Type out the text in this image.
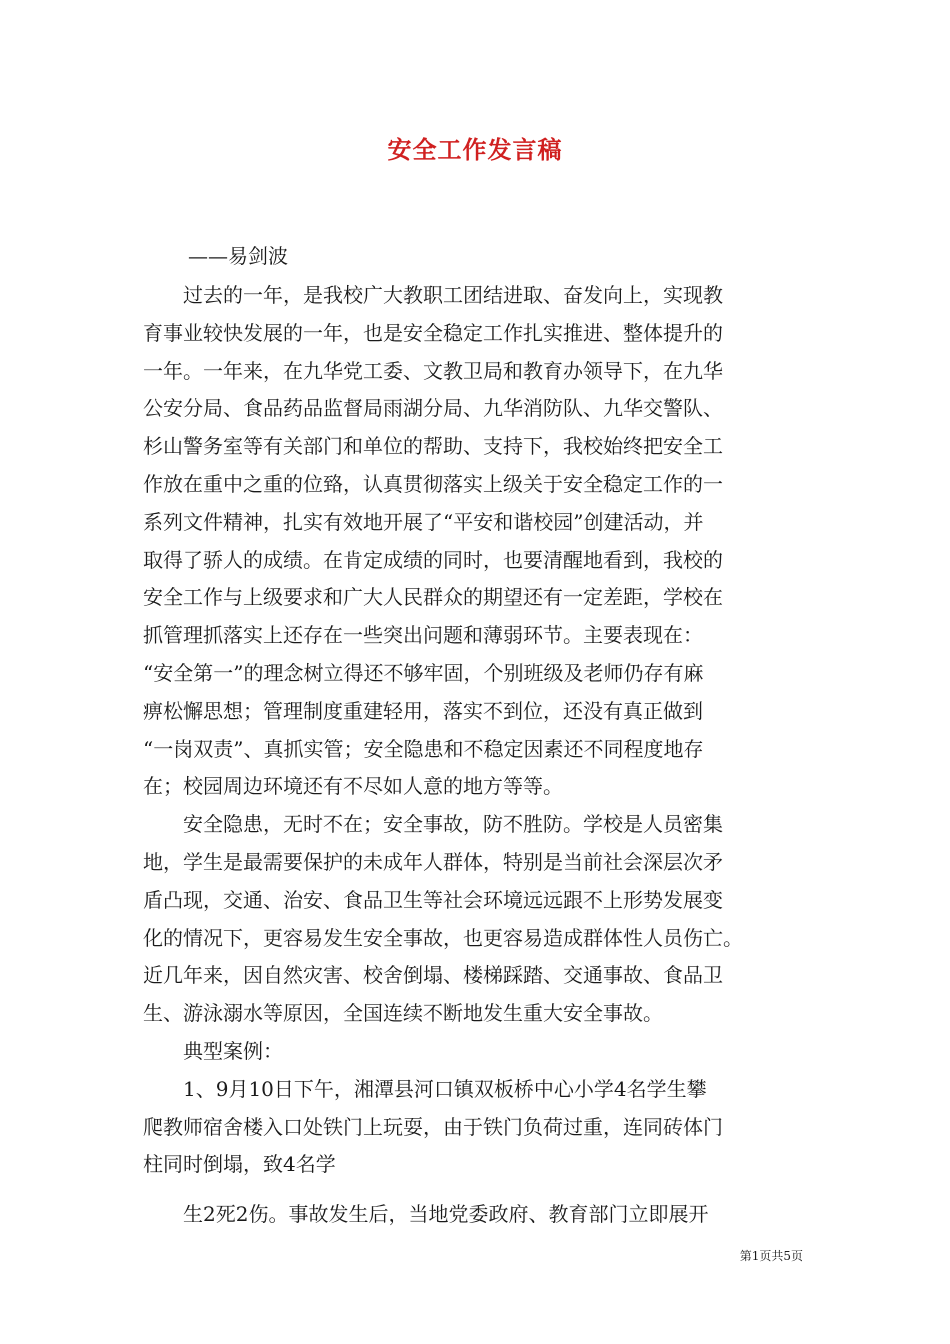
安全工作发言稿
——易剑波
过去的一年，是我校广大教职工团结进取、奋发向上，实现教
育事业较快发展的一年，也是安全稳定工作扎实推进、整体提升的
一年。一年来，在九华党工委、文教卫局和教育办领导下，在九华
公安分局、食品药品监督局雨湖分局、九华消防队、九华交警队、
杉山警务室等有关部门和单位的帮助、支持下，我校始终把安全工
作放在重中之重的位臵，认真贯彻落实上级关于安全稳定工作的一
系列文件精神，扎实有效地开展了“平安和谐校园”创建活动，并
取得了骄人的成绩。在肯定成绩的同时，也要清醒地看到，我校的
安全工作与上级要求和广大人民群众的期望还有一定差距，学校在
抓管理抓落实上还存在一些突出问题和薄弱环节。主要表现在：
“安全第一”的理念树立得还不够牢固，个别班级及老师仍存有麻
痹松懈思想；管理制度重建轻用，落实不到位，还没有真正做到
“一岗双责”、真抓实管；安全隐患和不稳定因素还不同程度地存
在；校园周边环境还有不尽如人意的地方等等。
安全隐患，无时不在；安全事故，防不胜防。学校是人员密集
地，学生是最需要保护的未成年人群体，特别是当前社会深层次矛
盾凸现，交通、治安、食品卫生等社会环境远远跟不上形势发展变
化的情况下，更容易发生安全事故，也更容易造成群体性人员伤亡。
近几年来，因自然灾害、校舍倒塌、楼梯踩踏、交通事故、食品卫
生、游泳溺水等原因，全国连续不断地发生重大安全事故。
典型案例：
1、9月10日下午，湘潭县河口镇双板桥中心小学4名学生攀
爬教师宿舍楼入口处铁门上玩耍，由于铁门负荷过重，连同砖体门
柱同时倒塌，致4名学
生2死2伤。事故发生后，当地党委政府、教育部门立即展开
第1页共5页
